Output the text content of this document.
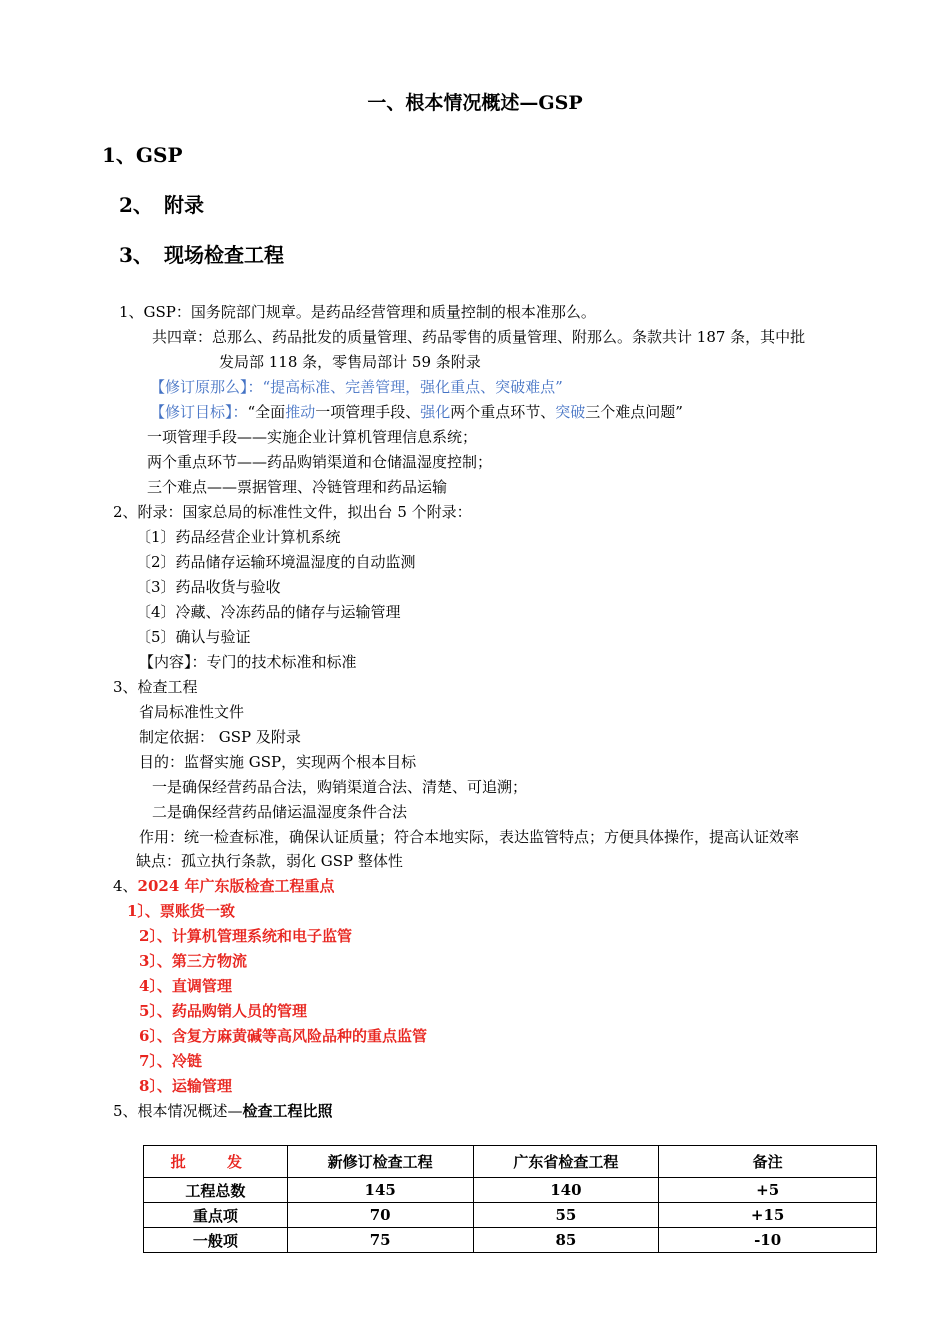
一、根本情况概述—GSP
1、GSP
2、 附录
3、 现场检查工程
1、GSP：国务院部门规章。是药品经营管理和质量控制的根本准那么。
共四章：总那么、药品批发的质量管理、药品零售的质量管理、附那么。条款共计 187 条，其中批
发局部 118 条，零售局部计 59 条附录
【修订原那么】：“提高标准、完善管理，强化重点、突破难点”
【修订目标】：“全面推动一项管理手段、强化两个重点环节、突破三个难点问题”
一项管理手段——实施企业计算机管理信息系统；
两个重点环节——药品购销渠道和仓储温湿度控制；
三个难点——票据管理、冷链管理和药品运输
2、附录：国家总局的标准性文件，拟出台 5 个附录：
〔1〕药品经营企业计算机系统
〔2〕药品储存运输环境温湿度的自动监测
〔3〕药品收货与验收
〔4〕冷藏、冷冻药品的储存与运输管理
〔5〕确认与验证
【内容】：专门的技术标准和标准
3、检查工程
省局标准性文件
制定依据： GSP 及附录
目的：监督实施 GSP，实现两个根本目标
一是确保经营药品合法，购销渠道合法、清楚、可追溯；
二是确保经营药品储运温湿度条件合法
作用：统一检查标准，确保认证质量；符合本地实际，表达监管特点；方便具体操作，提高认证效率
缺点：孤立执行条款，弱化 GSP 整体性
4、2024 年广东版检查工程重点
1〕、票账货一致
2〕、计算机管理系统和电子监管
3〕、第三方物流
4〕、直调管理
5〕、药品购销人员的管理
6〕、含复方麻黄碱等高风险品种的重点监管
7〕、冷链
8〕、运输管理
5、根本情况概述—检查工程比照
批 发	新修订检查工程	广东省检查工程	备注
工程总数	145	140	+5
重点项	70	55	+15
一般项	75	85	-10
